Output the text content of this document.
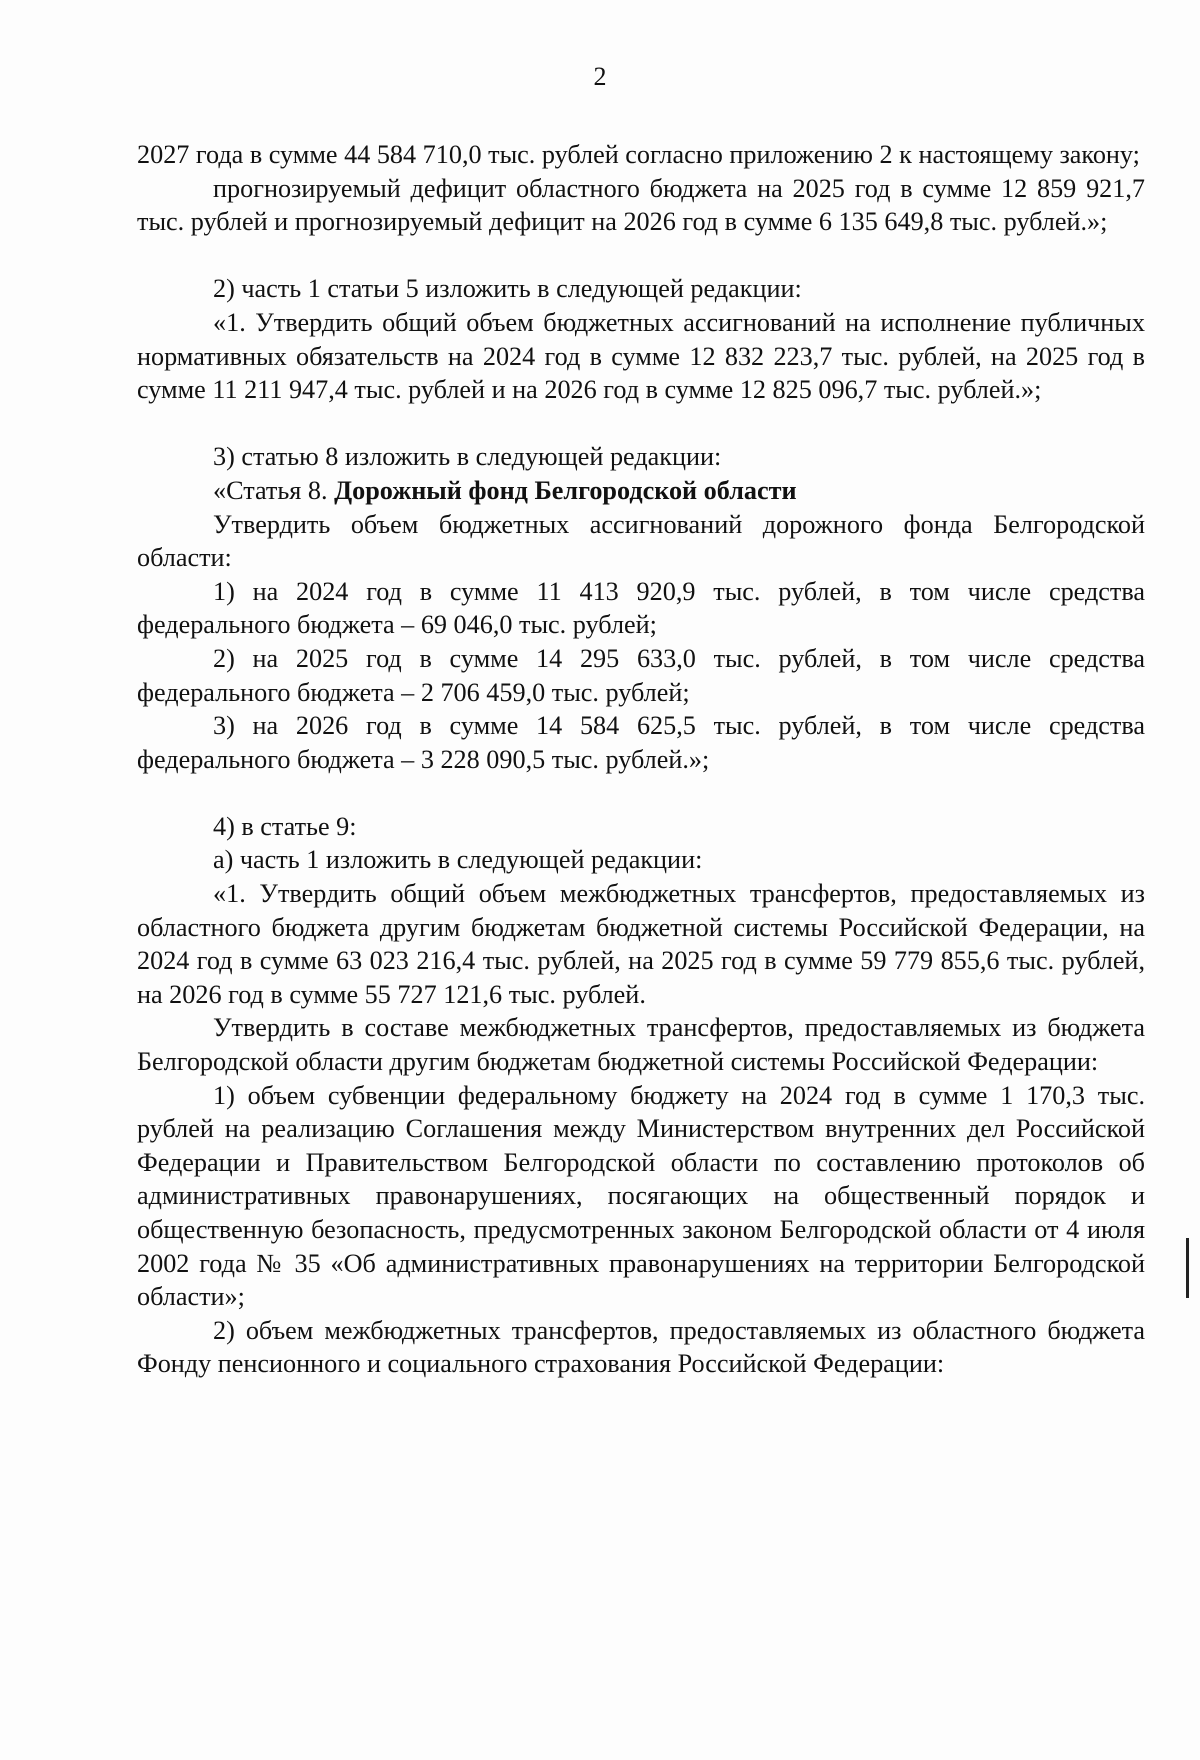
2

2027 года в сумме 44 584 710,0 тыс. рублей согласно приложению 2 к настоящему закону;

прогнозируемый дефицит областного бюджета на 2025 год в сумме 12 859 921,7 тыс. рублей и прогнозируемый дефицит на 2026 год в сумме 6 135 649,8 тыс. рублей.»;

2) часть 1 статьи 5 изложить в следующей редакции:

«1. Утвердить общий объем бюджетных ассигнований на исполнение публичных нормативных обязательств на 2024 год в сумме 12 832 223,7 тыс. рублей, на 2025 год в сумме 11 211 947,4 тыс. рублей и на 2026 год в сумме 12 825 096,7 тыс. рублей.»;

3) статью 8 изложить в следующей редакции:

«Статья 8. Дорожный фонд Белгородской области

Утвердить объем бюджетных ассигнований дорожного фонда Белгородской области:

1) на 2024 год в сумме 11 413 920,9 тыс. рублей, в том числе средства федерального бюджета – 69 046,0 тыс. рублей;

2) на 2025 год в сумме 14 295 633,0 тыс. рублей, в том числе средства федерального бюджета – 2 706 459,0 тыс. рублей;

3) на 2026 год в сумме 14 584 625,5 тыс. рублей, в том числе средства федерального бюджета – 3 228 090,5 тыс. рублей.»;

4) в статье 9:

а) часть 1 изложить в следующей редакции:

«1. Утвердить общий объем межбюджетных трансфертов, предоставляемых из областного бюджета другим бюджетам бюджетной системы Российской Федерации, на 2024 год в сумме 63 023 216,4 тыс. рублей, на 2025 год в сумме 59 779 855,6 тыс. рублей, на 2026 год в сумме 55 727 121,6 тыс. рублей.

Утвердить в составе межбюджетных трансфертов, предоставляемых из бюджета Белгородской области другим бюджетам бюджетной системы Российской Федерации:

1) объем субвенции федеральному бюджету на 2024 год в сумме 1 170,3 тыс. рублей на реализацию Соглашения между Министерством внутренних дел Российской Федерации и Правительством Белгородской области по составлению протоколов об административных правонарушениях, посягающих на общественный порядок и общественную безопасность, предусмотренных законом Белгородской области от 4 июля 2002 года № 35 «Об административных правонарушениях на территории Белгородской области»;

2) объем межбюджетных трансфертов, предоставляемых из областного бюджета Фонду пенсионного и социального страхования Российской Федерации:
